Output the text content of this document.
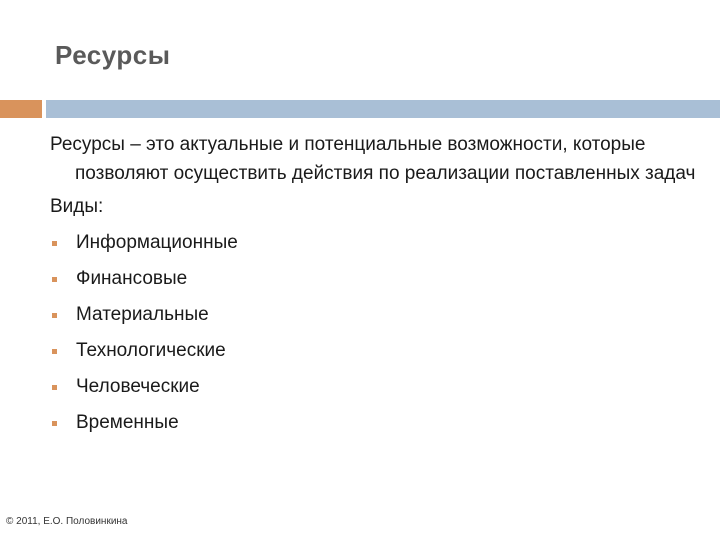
Ресурсы

Ресурсы – это актуальные и потенциальные возможности, которые позволяют осуществить действия по реализации поставленных задач

Виды:

Информационные
Финансовые
Материальные
Технологические
Человеческие
Временные
© 2011, Е.О. Половинкина
